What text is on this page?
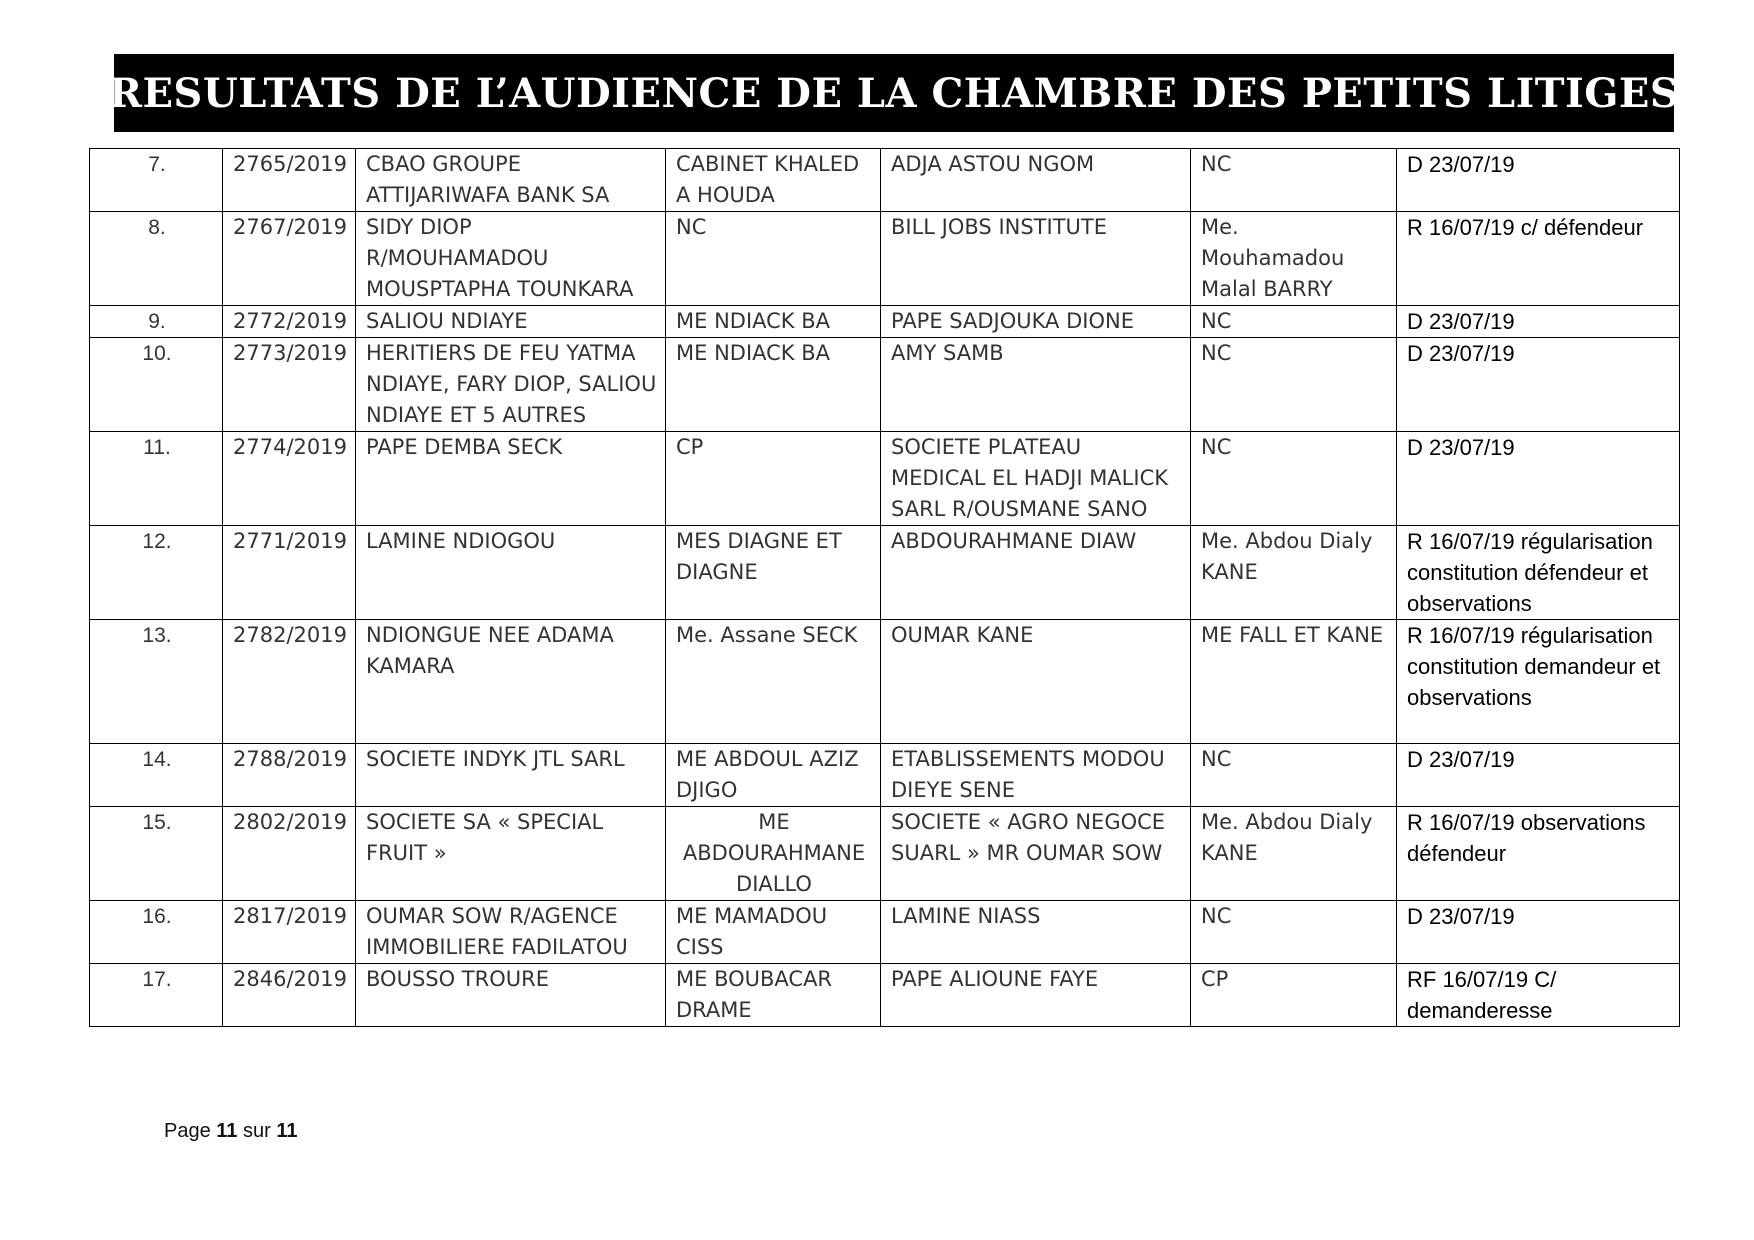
RESULTATS DE L’AUDIENCE DE LA CHAMBRE DES PETITS LITIGES
7.	2765/2019	CBAO GROUPE ATTIJARIWAFA BANK SA	CABINET KHALED A HOUDA	ADJA ASTOU NGOM	NC	D 23/07/19
8.	2767/2019	SIDY DIOP R/MOUHAMADOU MOUSPTAPHA TOUNKARA	NC	BILL JOBS INSTITUTE	Me. Mouhamadou Malal BARRY	R 16/07/19 c/ défendeur
9.	2772/2019	SALIOU NDIAYE	ME NDIACK BA	PAPE SADJOUKA DIONE	NC	D 23/07/19
10.	2773/2019	HERITIERS DE FEU YATMA NDIAYE, FARY DIOP, SALIOU NDIAYE ET 5 AUTRES	ME NDIACK BA	AMY SAMB	NC	D 23/07/19
11.	2774/2019	PAPE DEMBA SECK	CP	SOCIETE PLATEAU MEDICAL EL HADJI MALICK SARL R/OUSMANE SANO	NC	D 23/07/19
12.	2771/2019	LAMINE NDIOGOU	MES DIAGNE ET DIAGNE	ABDOURAHMANE DIAW	Me. Abdou Dialy KANE	R 16/07/19 régularisation constitution défendeur et observations
13.	2782/2019	NDIONGUE NEE ADAMA KAMARA	Me. Assane SECK	OUMAR KANE	ME FALL ET KANE	R 16/07/19 régularisation constitution demandeur et observations
14.	2788/2019	SOCIETE INDYK JTL SARL	ME ABDOUL AZIZ DJIGO	ETABLISSEMENTS MODOU DIEYE SENE	NC	D 23/07/19
15.	2802/2019	SOCIETE SA « SPECIAL FRUIT »	ME ABDOURAHMANE DIALLO	SOCIETE « AGRO NEGOCE SUARL » MR OUMAR SOW	Me. Abdou Dialy KANE	R 16/07/19 observations défendeur
16.	2817/2019	OUMAR SOW R/AGENCE IMMOBILIERE FADILATOU	ME MAMADOU CISS	LAMINE NIASS	NC	D 23/07/19
17.	2846/2019	BOUSSO TROURE	ME BOUBACAR DRAME	PAPE ALIOUNE FAYE	CP	RF 16/07/19 C/ demanderesse
Page 11 sur 11
